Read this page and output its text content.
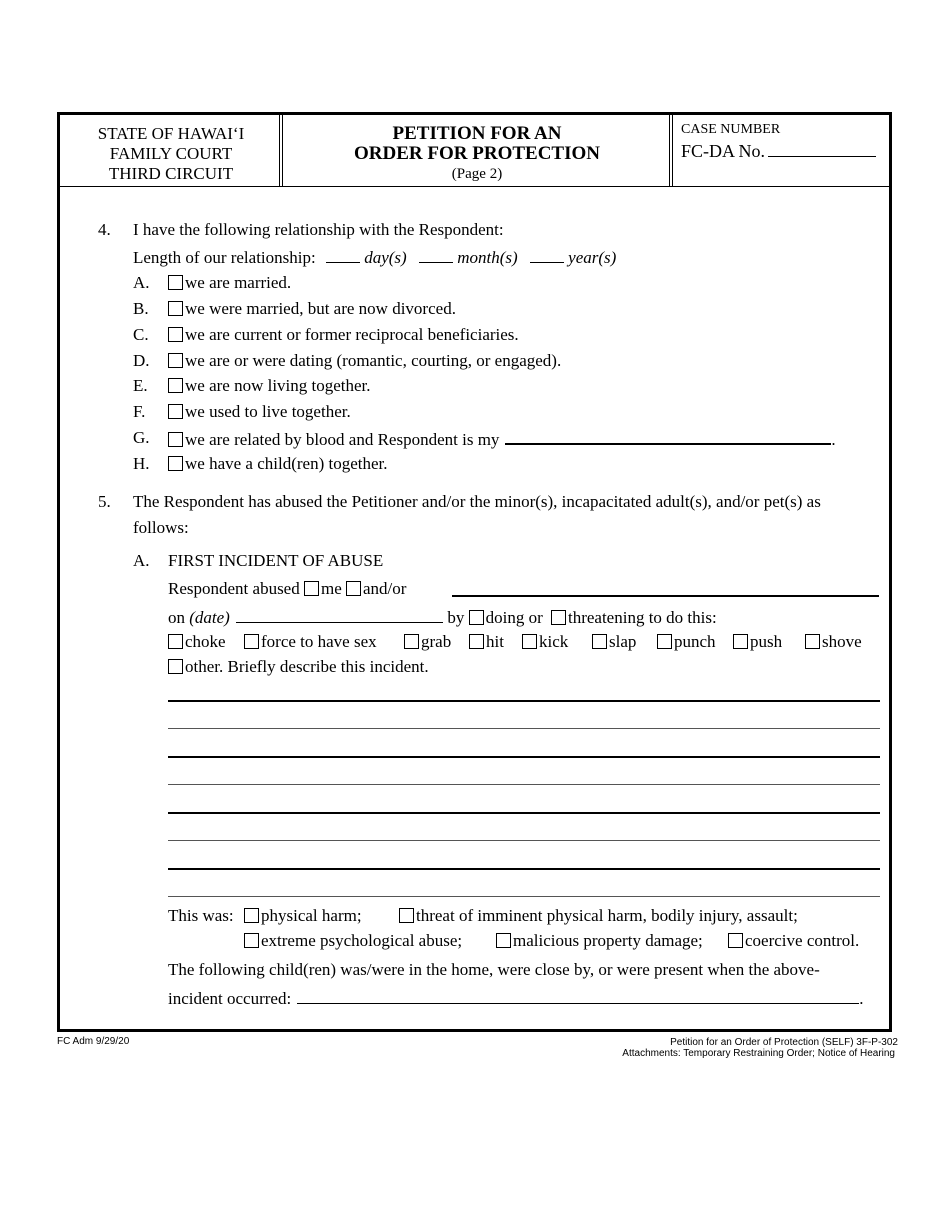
STATE OF HAWAI‘I
FAMILY COURT
THIRD CIRCUIT
PETITION FOR AN
ORDER FOR PROTECTION
(Page 2)
CASE NUMBER
FC-DA No.
4. I have the following relationship with the Respondent:
Length of our relationship:	day(s)	month(s)	year(s)
A.	we are married.
B.	we were married, but are now divorced.
C.	we are current or former reciprocal beneficiaries.
D.	we are or were dating (romantic, courting, or engaged).
E.	we are now living together.
F.	we used to live together.
G.	we are related by blood and Respondent is my	.
H.	we have a child(ren) together.
5. The Respondent has abused the Petitioner and/or the minor(s), incapacitated adult(s), and/or pet(s) as
follows:
A. FIRST INCIDENT OF ABUSE
Respondent abused me and/or
on (date)	by doing or threatening to do this:
choke	force to have sex	grab	hit	kick	slap	punch	push	shove
other. Briefly describe this incident.
This was:	physical harm;	threat of imminent physical harm, bodily injury, assault;
extreme psychological abuse;	malicious property damage;	coercive control.
The following child(ren) was/were in the home, were close by, or were present when the above-
incident occurred:	.
FC Adm 9/29/20	Petition for an Order of Protection (SELF) 3F-P-302
Attachments: Temporary Restraining Order; Notice of Hearing
